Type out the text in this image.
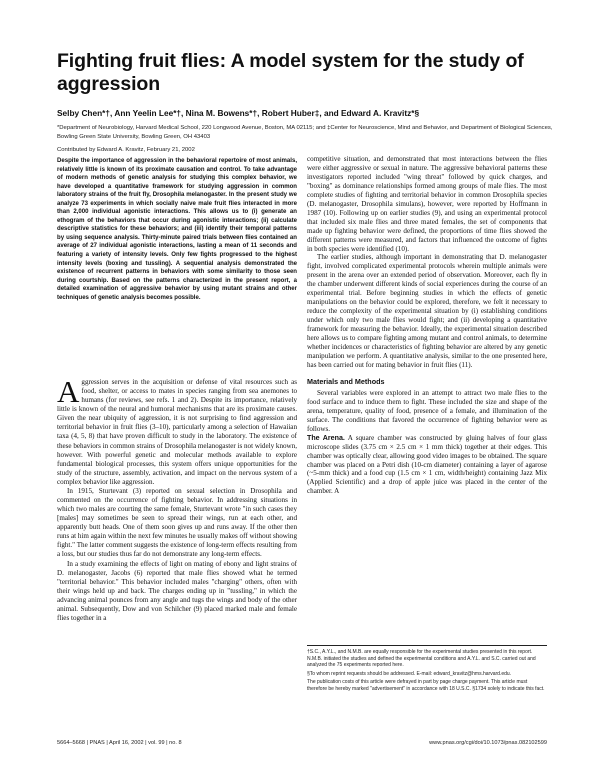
Fighting fruit flies: A model system for the study of aggression
Selby Chen*†, Ann Yeelin Lee*†, Nina M. Bowens*†, Robert Huber‡, and Edward A. Kravitz*§
*Department of Neurobiology, Harvard Medical School, 220 Longwood Avenue, Boston, MA 02115; and ‡Center for Neuroscience, Mind and Behavior, and Department of Biological Sciences, Bowling Green State University, Bowling Green, OH 43403
Contributed by Edward A. Kravitz, February 21, 2002
Despite the importance of aggression in the behavioral repertoire of most animals, relatively little is known of its proximate causation and control. To take advantage of modern methods of genetic analysis for studying this complex behavior, we have developed a quantitative framework for studying aggression in common laboratory strains of the fruit fly, Drosophila melanogaster. In the present study we analyze 73 experiments in which socially naive male fruit flies interacted in more than 2,000 individual agonistic interactions. This allows us to (i) generate an ethogram of the behaviors that occur during agonistic interactions; (ii) calculate descriptive statistics for these behaviors; and (iii) identify their temporal patterns by using sequence analysis. Thirty-minute paired trials between flies contained an average of 27 individual agonistic interactions, lasting a mean of 11 seconds and featuring a variety of intensity levels. Only few fights progressed to the highest intensity levels (boxing and tussling). A sequential analysis demonstrated the existence of recurrent patterns in behaviors with some similarity to those seen during courtship. Based on the patterns characterized in the present report, a detailed examination of aggressive behavior by using mutant strains and other techniques of genetic analysis becomes possible.

Aggression serves in the acquisition or defense of vital resources such as food, shelter, or access to mates in species ranging from sea anemones to humans (for reviews, see refs. 1 and 2). Despite its importance, relatively little is known of the neural and humoral mechanisms that are its proximate causes. Given the near ubiquity of aggression, it is not surprising to find aggression and territorial behavior in fruit flies (3–10), particularly among a selection of Hawaiian taxa (4, 5, 8) that have proven difficult to study in the laboratory. The existence of these behaviors in common strains of Drosophila melanogaster is not widely known, however. With powerful genetic and molecular methods available to explore fundamental biological processes, this system offers unique opportunities for the study of the structure, assembly, activation, and impact on the nervous system of a complex behavior like aggression.

In 1915, Sturtevant (3) reported on sexual selection in Drosophila and commented on the occurrence of fighting behavior. In addressing situations in which two males are courting the same female, Sturtevant wrote "in such cases they [males] may sometimes be seen to spread their wings, run at each other, and apparently butt heads. One of them soon gives up and runs away. If the other then runs at him again within the next few minutes he usually makes off without showing fight." The latter comment suggests the existence of long-term effects resulting from a loss, but our studies thus far do not demonstrate any long-term effects.

In a study examining the effects of light on mating of ebony and light strains of D. melanogaster, Jacobs (6) reported that male flies showed what he termed "territorial behavior." This behavior included males "charging" others, often with their wings held up and back. The charges ending up in "tussling," in which the advancing animal pounces from any angle and tugs the wings and body of the other animal. Subsequently, Dow and von Schilcher (9) placed marked male and female flies together in a

competitive situation, and demonstrated that most interactions between the flies were either aggressive or sexual in nature. The aggressive behavioral patterns these investigators reported included "wing threat" followed by quick charges, and "boxing" as dominance relationships formed among groups of male flies. The most complete studies of fighting and territorial behavior in common Drosophila species (D. melanogaster, Drosophila simulans), however, were reported by Hoffmann in 1987 (10). Following up on earlier studies (9), and using an experimental protocol that included six male flies and three mated females, the set of components that made up fighting behavior were defined, the proportions of time flies showed the different patterns were measured, and factors that influenced the outcome of fights in both species were identified (10).

The earlier studies, although important in demonstrating that D. melanogaster fight, involved complicated experimental protocols wherein multiple animals were present in the arena over an extended period of observation. Moreover, each fly in the chamber underwent different kinds of social experiences during the course of an experimental trial. Before beginning studies in which the effects of genetic manipulations on the behavior could be explored, therefore, we felt it necessary to reduce the complexity of the experimental situation by (i) establishing conditions under which only two male flies would fight; and (ii) developing a quantitative framework for measuring the behavior. Ideally, the experimental situation described here allows us to compare fighting among mutant and control animals, to determine whether incidences or characteristics of fighting behavior are altered by any genetic manipulation we perform. A quantitative analysis, similar to the one presented here, has been carried out for mating behavior in fruit flies (11).

Materials and Methods

Several variables were explored in an attempt to attract two male flies to the food surface and to induce them to fight. These included the size and shape of the arena, temperature, quality of food, presence of a female, and illumination of the surface. The conditions that favored the occurrence of fighting behavior were as follows.

The Arena. A square chamber was constructed by gluing halves of four glass microscope slides (3.75 cm × 2.5 cm × 1 mm thick) together at their edges. This chamber was optically clear, allowing good video images to be obtained. The square chamber was placed on a Petri dish (10-cm diameter) containing a layer of agarose (~5-mm thick) and a food cup (1.5 cm × 1 cm, width/height) containing Jazz Mix (Applied Scientific) and a drop of apple juice was placed in the center of the chamber. A

†S.C., A.Y.L., and N.M.B. are equally responsible for the experimental studies presented in this report. N.M.B. initiated the studies and defined the experimental conditions and A.Y.L. and S.C. carried out and analyzed the 75 experiments reported here.

§To whom reprint requests should be addressed. E-mail: edward_kravitz@hms.harvard.edu.

The publication costs of this article were defrayed in part by page charge payment. This article must therefore be hereby marked "advertisement" in accordance with 18 U.S.C. §1734 solely to indicate this fact.

5664–5668 | PNAS | April 16, 2002 | vol. 99 | no. 8	www.pnas.org/cgi/doi/10.1073/pnas.082102599
